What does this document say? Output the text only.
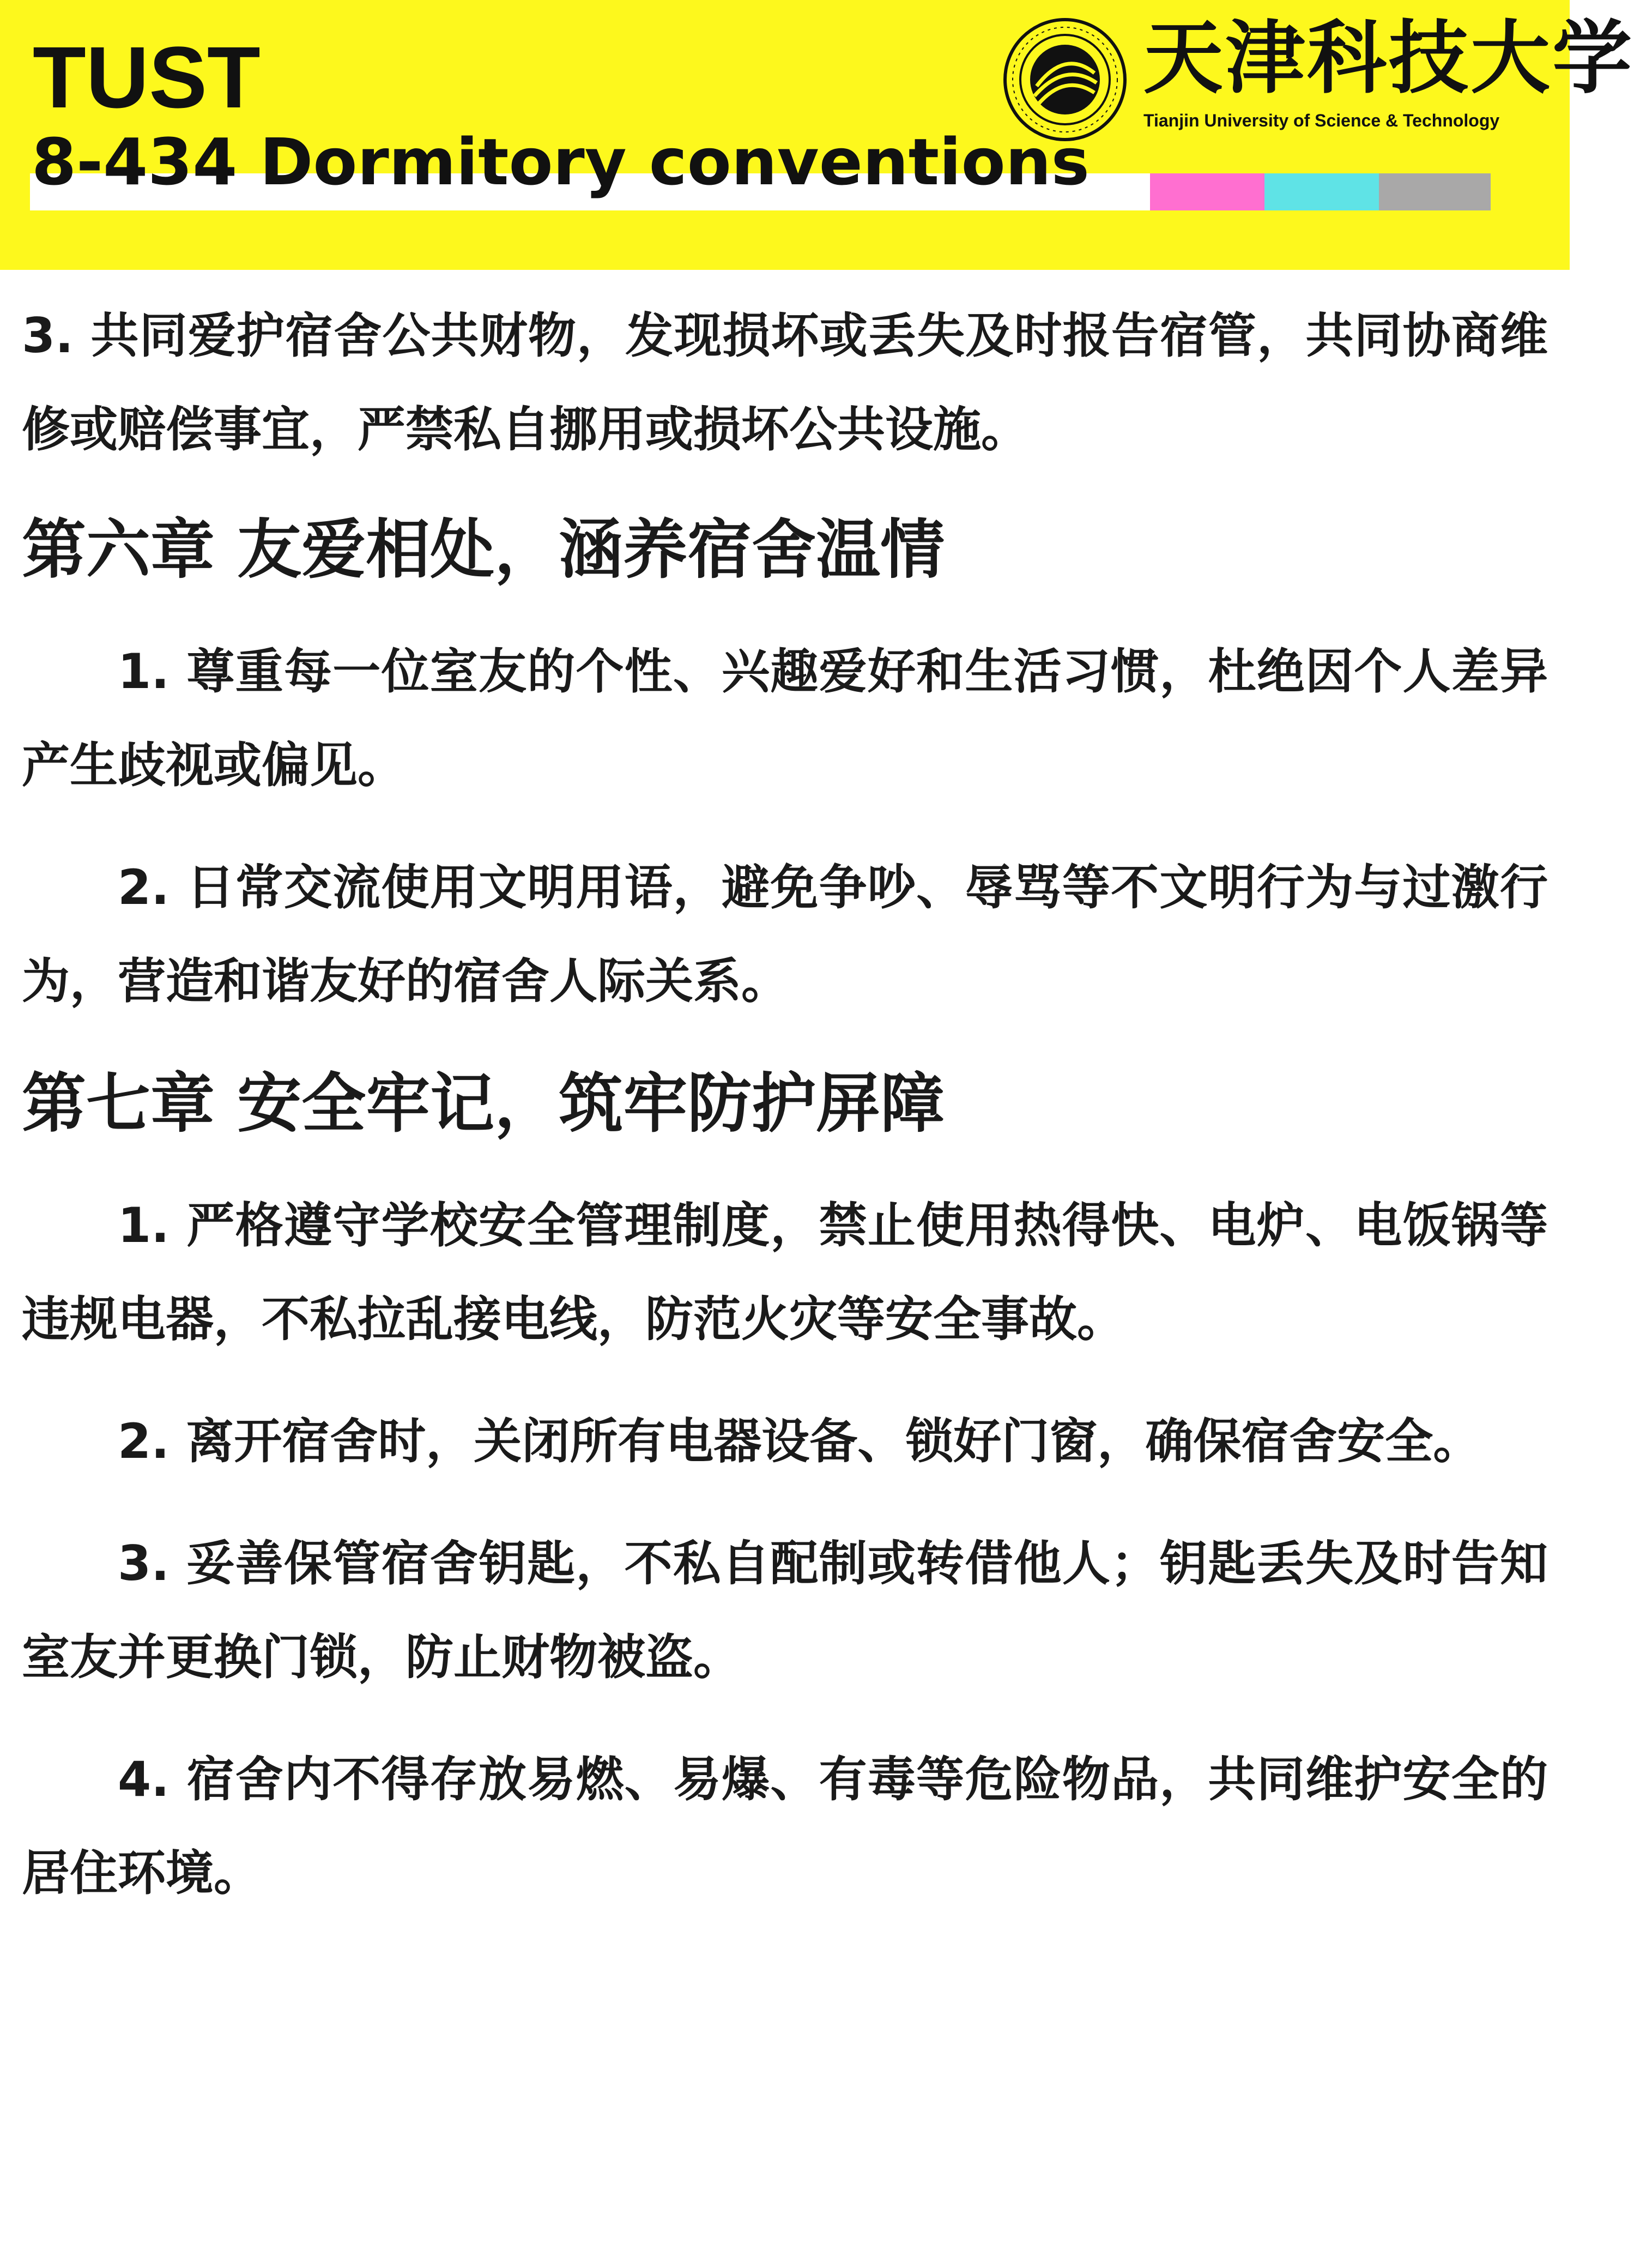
TUST
8-434 Dormitory conventions
天津科技大学
Tianjin University of Science & Technology

3. 共同爱护宿舍公共财物，发现损坏或丢失及时报告宿管，共同协商维修或赔偿事宜，严禁私自挪用或损坏公共设施。

第六章 友爱相处，涵养宿舍温情

1. 尊重每一位室友的个性、兴趣爱好和生活习惯，杜绝因个人差异产生歧视或偏见。

2. 日常交流使用文明用语，避免争吵、辱骂等不文明行为与过激行为，营造和谐友好的宿舍人际关系。

第七章 安全牢记，筑牢防护屏障

1. 严格遵守学校安全管理制度，禁止使用热得快、电炉、电饭锅等违规电器，不私拉乱接电线，防范火灾等安全事故。

2. 离开宿舍时，关闭所有电器设备、锁好门窗，确保宿舍安全。

3. 妥善保管宿舍钥匙，不私自配制或转借他人；钥匙丢失及时告知室友并更换门锁，防止财物被盗。

4. 宿舍内不得存放易燃、易爆、有毒等危险物品，共同维护安全的居住环境。
